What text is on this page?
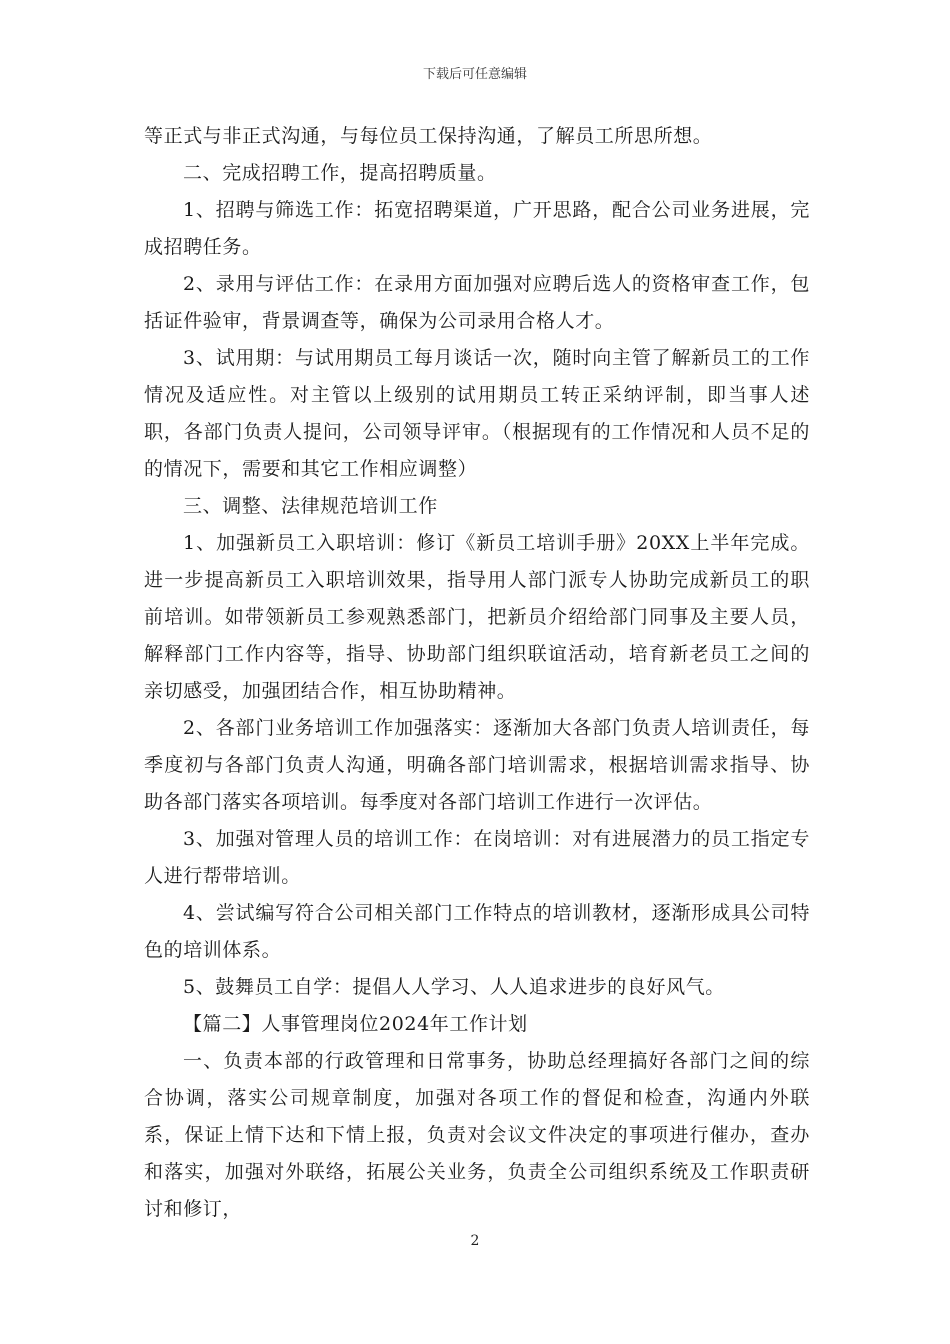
下载后可任意编辑

等正式与非正式沟通，与每位员工保持沟通，了解员工所思所想。

二、完成招聘工作，提高招聘质量。

1、招聘与筛选工作：拓宽招聘渠道，广开思路，配合公司业务进展，完成招聘任务。

2、录用与评估工作：在录用方面加强对应聘后选人的资格审查工作，包括证件验审，背景调查等，确保为公司录用合格人才。

3、试用期：与试用期员工每月谈话一次，随时向主管了解新员工的工作情况及适应性。对主管以上级别的试用期员工转正采纳评制，即当事人述职，各部门负责人提问，公司领导评审。（根据现有的工作情况和人员不足的的情况下，需要和其它工作相应调整）

三、调整、法律规范培训工作

1、加强新员工入职培训：修订《新员工培训手册》20XX上半年完成。进一步提高新员工入职培训效果，指导用人部门派专人协助完成新员工的职前培训。如带领新员工参观熟悉部门，把新员介绍给部门同事及主要人员，解释部门工作内容等，指导、协助部门组织联谊活动，培育新老员工之间的亲切感受，加强团结合作，相互协助精神。

2、各部门业务培训工作加强落实：逐渐加大各部门负责人培训责任，每季度初与各部门负责人沟通，明确各部门培训需求，根据培训需求指导、协助各部门落实各项培训。每季度对各部门培训工作进行一次评估。

3、加强对管理人员的培训工作：在岗培训：对有进展潜力的员工指定专人进行帮带培训。

4、尝试编写符合公司相关部门工作特点的培训教材，逐渐形成具公司特色的培训体系。

5、鼓舞员工自学：提倡人人学习、人人追求进步的良好风气。

【篇二】人事管理岗位2024年工作计划

一、负责本部的行政管理和日常事务，协助总经理搞好各部门之间的综合协调，落实公司规章制度，加强对各项工作的督促和检查，沟通内外联系，保证上情下达和下情上报，负责对会议文件决定的事项进行催办，查办和落实，加强对外联络，拓展公关业务，负责全公司组织系统及工作职责研讨和修订，

2
